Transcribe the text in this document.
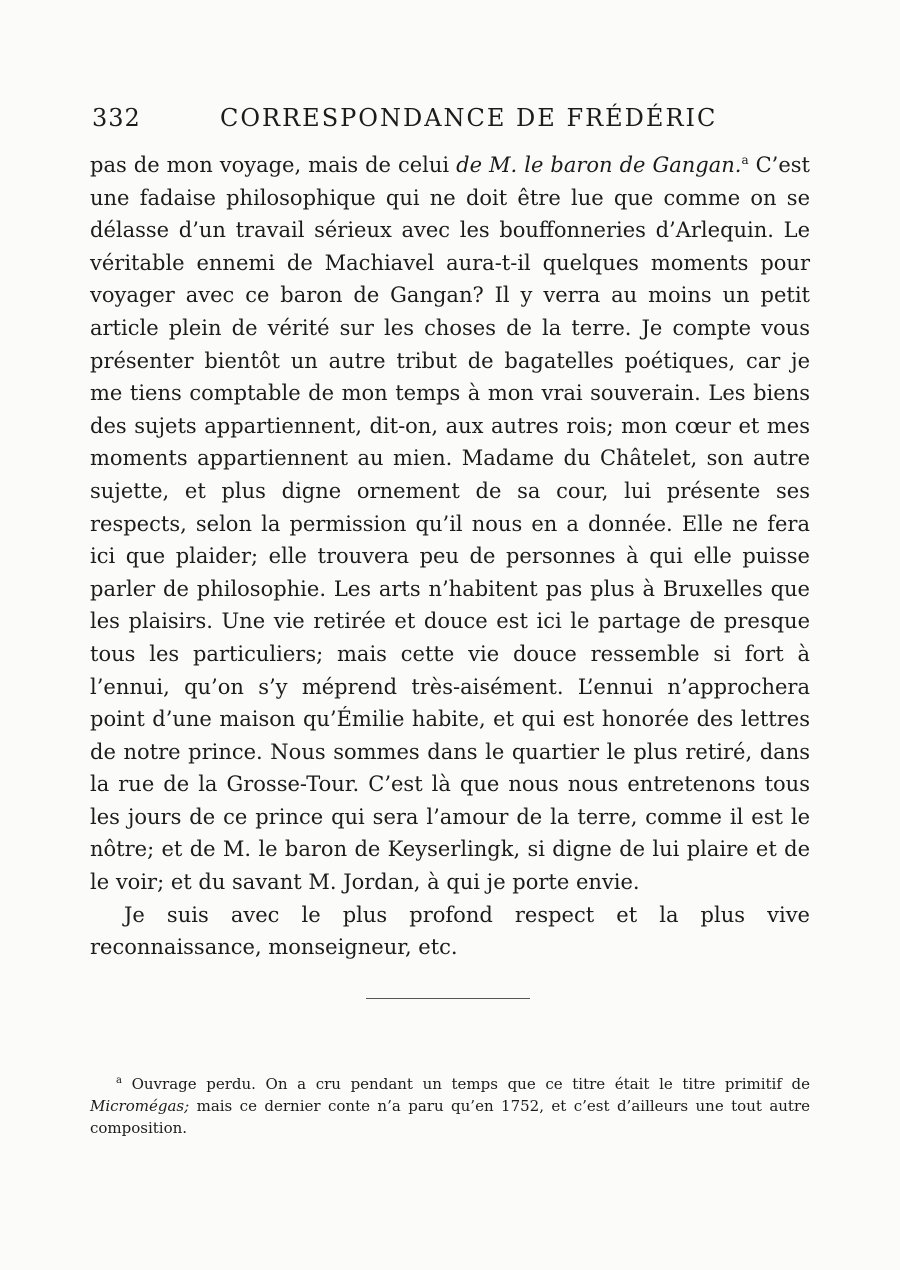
332	CORRESPONDANCE DE FRÉDÉRIC

pas de mon voyage, mais de celui de M. le baron de Gangan.$^a$ C’est une fadaise philosophique qui ne doit être lue que comme on se délasse d’un travail sérieux avec les bouffonneries d’Arlequin. Le véritable ennemi de Machiavel aura-t-il quelques moments pour voyager avec ce baron de Gangan? Il y verra au moins un petit article plein de vérité sur les choses de la terre. Je compte vous présenter bientôt un autre tribut de bagatelles poétiques, car je me tiens comptable de mon temps à mon vrai souverain. Les biens des sujets appartiennent, dit-on, aux autres rois; mon cœur et mes moments appartiennent au mien. Madame du Châtelet, son autre sujette, et plus digne ornement de sa cour, lui présente ses respects, selon la permission qu’il nous en a donnée. Elle ne fera ici que plaider; elle trouvera peu de personnes à qui elle puisse parler de philosophie. Les arts n’habitent pas plus à Bruxelles que les plaisirs. Une vie retirée et douce est ici le partage de presque tous les particuliers; mais cette vie douce ressemble si fort à l’ennui, qu’on s’y méprend très-aisément. L’ennui n’approchera point d’une maison qu’Émilie habite, et qui est honorée des lettres de notre prince. Nous sommes dans le quartier le plus retiré, dans la rue de la Grosse-Tour. C’est là que nous nous entretenons tous les jours de ce prince qui sera l’amour de la terre, comme il est le nôtre; et de M. le baron de Keyserlingk, si digne de lui plaire et de le voir; et du savant M. Jordan, à qui je porte envie.

Je suis avec le plus profond respect et la plus vive reconnaissance, monseigneur, etc.

$^a$ Ouvrage perdu. On a cru pendant un temps que ce titre était le titre primitif de Micromégas; mais ce dernier conte n’a paru qu’en 1752, et c’est d’ailleurs une tout autre composition.
